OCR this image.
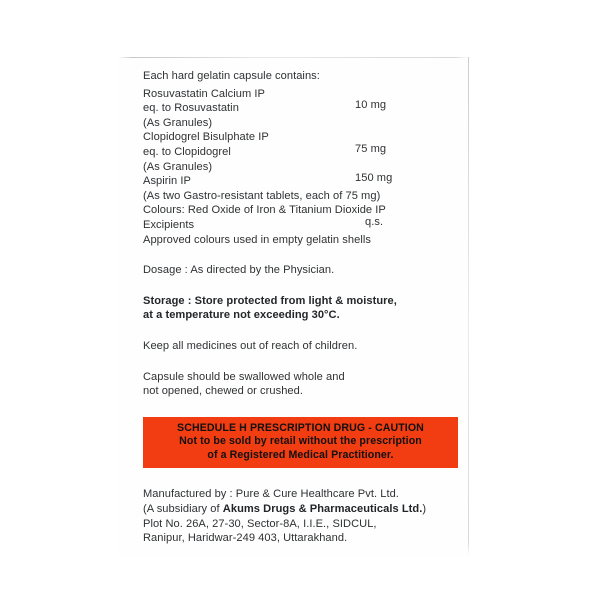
Each hard gelatin capsule contains:
Rosuvastatin Calcium IP
eq. to Rosuvastatin	10 mg
(As Granules)
Clopidogrel Bisulphate IP
eq. to Clopidogrel	75 mg
(As Granules)
Aspirin IP	150 mg
(As two Gastro-resistant tablets, each of 75 mg)
Colours: Red Oxide of Iron & Titanium Dioxide IP
Excipients	q.s.
Approved colours used in empty gelatin shells
Dosage : As directed by the Physician.
Storage : Store protected from light & moisture,
at a temperature not exceeding 30°C.
Keep all medicines out of reach of children.
Capsule should be swallowed whole and
not opened, chewed or crushed.
SCHEDULE H PRESCRIPTION DRUG - CAUTION
Not to be sold by retail without the prescription
of a Registered Medical Practitioner.
Manufactured by : Pure & Cure Healthcare Pvt. Ltd.
(A subsidiary of Akums Drugs & Pharmaceuticals Ltd.)
Plot No. 26A, 27-30, Sector-8A, I.I.E., SIDCUL,
Ranipur, Haridwar-249 403, Uttarakhand.
